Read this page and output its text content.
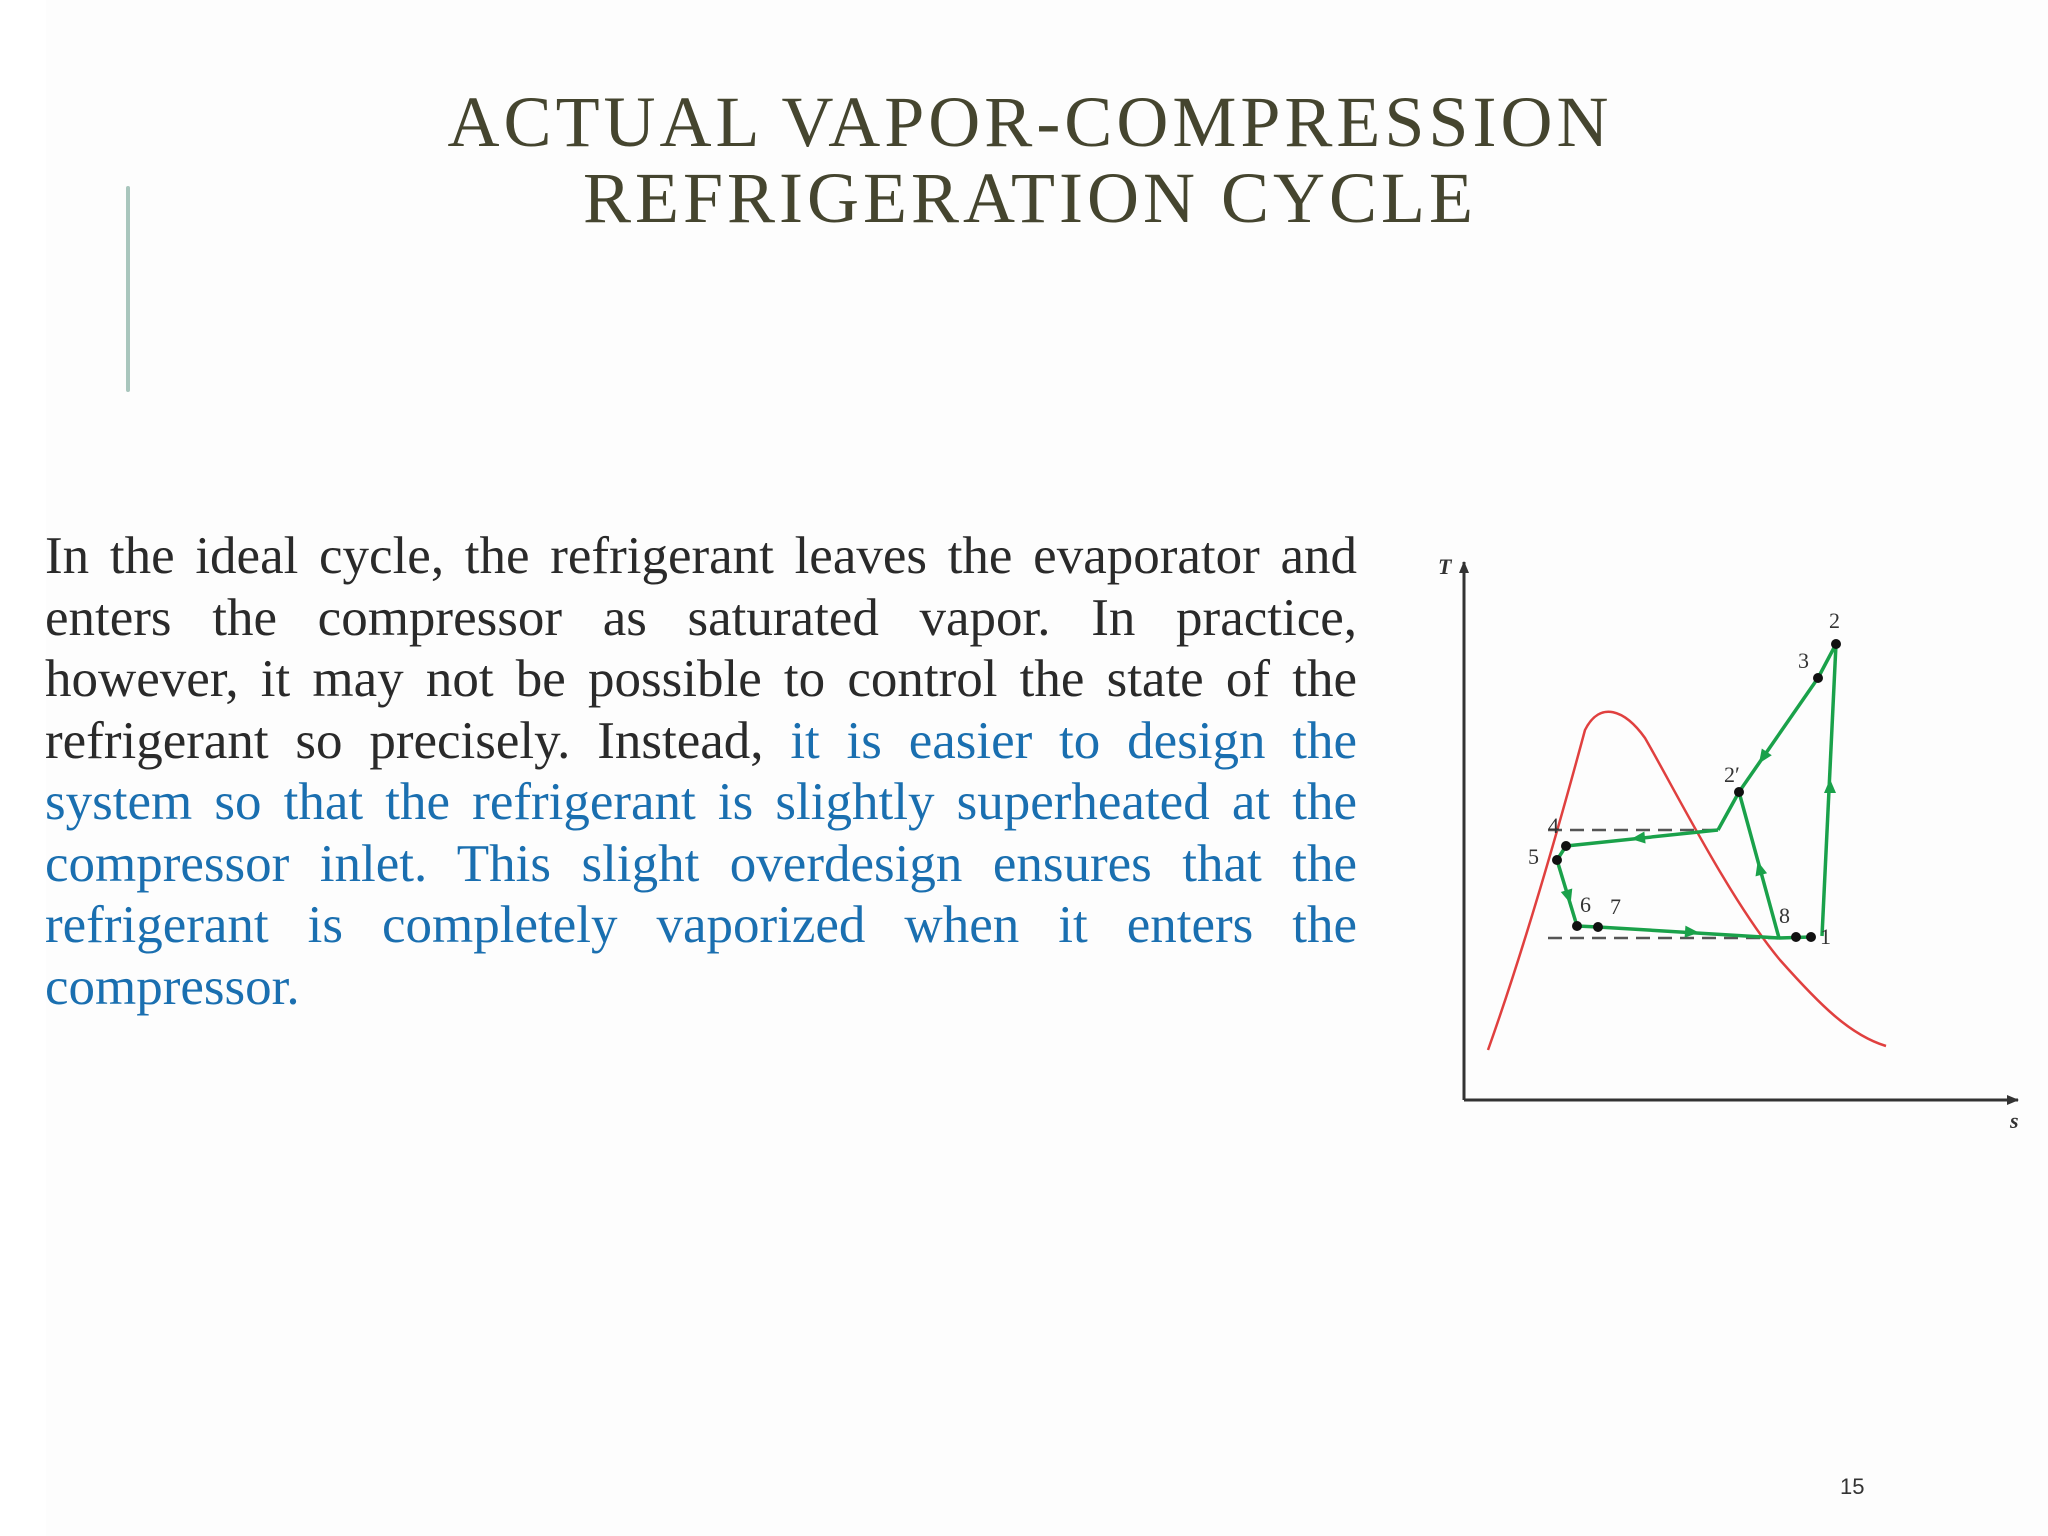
ACTUAL VAPOR-COMPRESSION
REFRIGERATION CYCLE

In the ideal cycle, the refrigerant leaves the evaporator and enters the compressor as saturated vapor. In practice, however, it may not be possible to control the state of the refrigerant so precisely. Instead, it is easier to design the system so that the refrigerant is slightly superheated at the compressor inlet. This slight overdesign ensures that the refrigerant is completely vaporized when it enters the compressor.

T
s
2
3
2′
4
5
6 7	8
1
15
